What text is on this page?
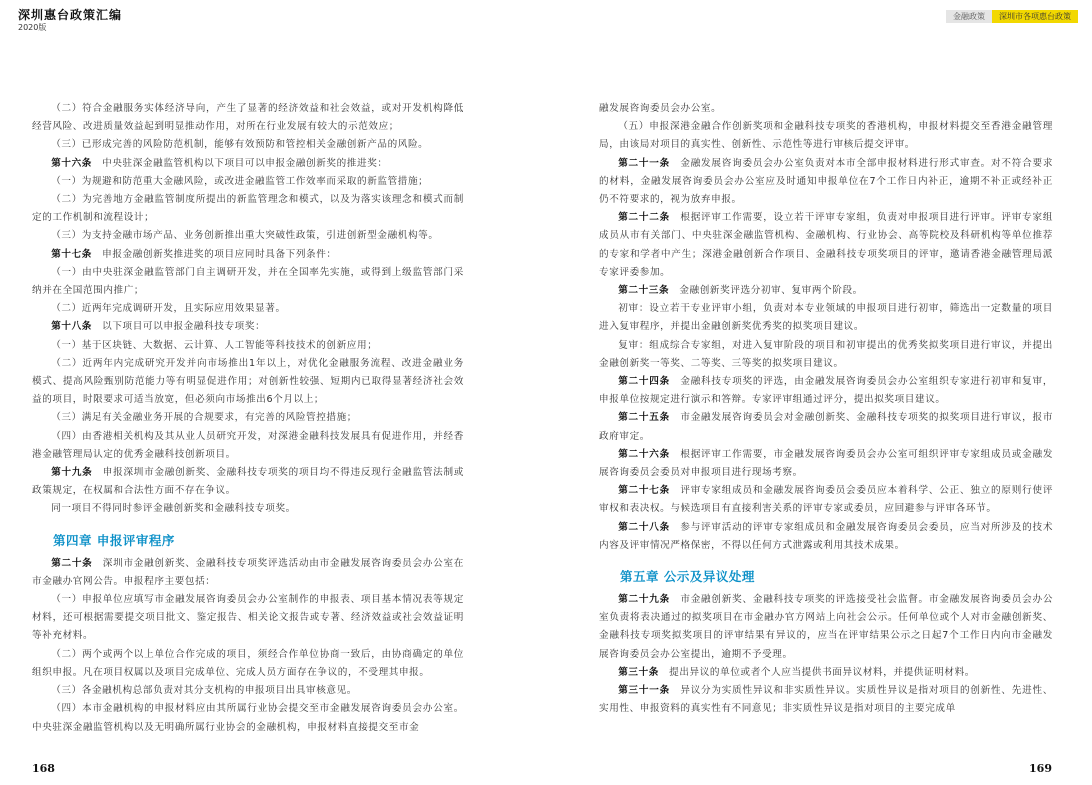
深圳惠台政策汇编
2020版
金融政策	深圳市各项惠台政策

（二）符合金融服务实体经济导向，产生了显著的经济效益和社会效益，或对开发机构降低经营风险、改进质量效益起到明显推动作用，对所在行业发展有较大的示范效应；

（三）已形成完善的风险防范机制，能够有效预防和管控相关金融创新产品的风险。

第十六条　中央驻深金融监管机构以下项目可以申报金融创新奖的推进奖：

（一）为规避和防范重大金融风险，或改进金融监管工作效率而采取的新监管措施；

（二）为完善地方金融监管制度所提出的新监管理念和模式，以及为落实该理念和模式而制定的工作机制和流程设计；

（三）为支持金融市场产品、业务创新推出重大突破性政策，引进创新型金融机构等。

第十七条　申报金融创新奖推进奖的项目应同时具备下列条件：

（一）由中央驻深金融监管部门自主调研开发，并在全国率先实施，或得到上级监管部门采纳并在全国范围内推广；

（二）近两年完成调研开发，且实际应用效果显著。

第十八条　以下项目可以申报金融科技专项奖：

（一）基于区块链、大数据、云计算、人工智能等科技技术的创新应用；

（二）近两年内完成研究开发并向市场推出1年以上，对优化金融服务流程、改进金融业务模式、提高风险甄别防范能力等有明显促进作用；对创新性较强、短期内已取得显著经济社会效益的项目，时限要求可适当放宽，但必须向市场推出6个月以上；

（三）满足有关金融业务开展的合规要求，有完善的风险管控措施；

（四）由香港相关机构及其从业人员研究开发，对深港金融科技发展具有促进作用，并经香港金融管理局认定的优秀金融科技创新项目。

第十九条　申报深圳市金融创新奖、金融科技专项奖的项目均不得违反现行金融监管法制或政策规定，在权属和合法性方面不存在争议。

同一项目不得同时参评金融创新奖和金融科技专项奖。

第四章 申报评审程序

第二十条　深圳市金融创新奖、金融科技专项奖评选活动由市金融发展咨询委员会办公室在市金融办官网公告。申报程序主要包括：

（一）申报单位应填写市金融发展咨询委员会办公室制作的申报表、项目基本情况表等规定材料，还可根据需要提交项目批文、鉴定报告、相关论文报告或专著、经济效益或社会效益证明等补充材料。

（二）两个或两个以上单位合作完成的项目，须经合作单位协商一致后，由协商确定的单位组织申报。凡在项目权属以及项目完成单位、完成人员方面存在争议的，不受理其申报。

（三）各金融机构总部负责对其分支机构的申报项目出具审核意见。

（四）本市金融机构的申报材料应由其所属行业协会提交至市金融发展咨询委员会办公室。中央驻深金融监管机构以及无明确所属行业协会的金融机构，申报材料直接提交至市金

融发展咨询委员会办公室。

（五）申报深港金融合作创新奖项和金融科技专项奖的香港机构，申报材料提交至香港金融管理局，由该局对项目的真实性、创新性、示范性等进行审核后提交评审。

第二十一条　金融发展咨询委员会办公室负责对本市全部申报材料进行形式审查。对不符合要求的材料，金融发展咨询委员会办公室应及时通知申报单位在7个工作日内补正，逾期不补正或经补正仍不符要求的，视为放弃申报。

第二十二条　根据评审工作需要，设立若干评审专家组，负责对申报项目进行评审。评审专家组成员从市有关部门、中央驻深金融监管机构、金融机构、行业协会、高等院校及科研机构等单位推荐的专家和学者中产生；深港金融创新合作项目、金融科技专项奖项目的评审，邀请香港金融管理局派专家评委参加。

第二十三条　金融创新奖评选分初审、复审两个阶段。

初审：设立若干专业评审小组，负责对本专业领域的申报项目进行初审，筛选出一定数量的项目进入复审程序，并提出金融创新奖优秀奖的拟奖项目建议。

复审：组成综合专家组，对进入复审阶段的项目和初审提出的优秀奖拟奖项目进行审议，并提出金融创新奖一等奖、二等奖、三等奖的拟奖项目建议。

第二十四条　金融科技专项奖的评选，由金融发展咨询委员会办公室组织专家进行初审和复审，申报单位按规定进行演示和答辩。专家评审组通过评分，提出拟奖项目建议。

第二十五条　市金融发展咨询委员会对金融创新奖、金融科技专项奖的拟奖项目进行审议，报市政府审定。

第二十六条　根据评审工作需要，市金融发展咨询委员会办公室可组织评审专家组成员或金融发展咨询委员会委员对申报项目进行现场考察。

第二十七条　评审专家组成员和金融发展咨询委员会委员应本着科学、公正、独立的原则行使评审权和表决权。与候选项目有直接利害关系的评审专家或委员，应回避参与评审各环节。

第二十八条　参与评审活动的评审专家组成员和金融发展咨询委员会委员，应当对所涉及的技术内容及评审情况严格保密，不得以任何方式泄露或利用其技术成果。

第五章 公示及异议处理

第二十九条　市金融创新奖、金融科技专项奖的评选接受社会监督。市金融发展咨询委员会办公室负责将表决通过的拟奖项目在市金融办官方网站上向社会公示。任何单位或个人对市金融创新奖、金融科技专项奖拟奖项目的评审结果有异议的，应当在评审结果公示之日起7个工作日内向市金融发展咨询委员会办公室提出，逾期不予受理。

第三十条　提出异议的单位或者个人应当提供书面异议材料，并提供证明材料。

第三十一条　异议分为实质性异议和非实质性异议。实质性异议是指对项目的创新性、先进性、实用性、申报资料的真实性有不同意见；非实质性异议是指对项目的主要完成单

168	169
